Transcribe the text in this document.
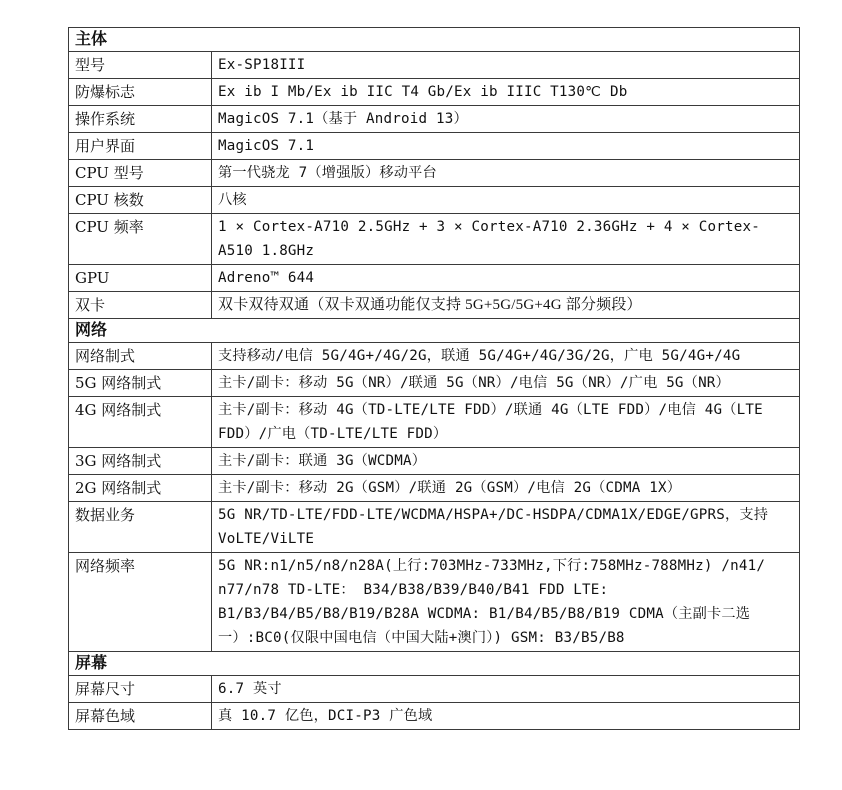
主体	
型号	Ex-SP18III
防爆标志	Ex ib I Mb/Ex ib IIC T4 Gb/Ex ib IIIC T130℃ Db
操作系统	MagicOS 7.1（基于 Android 13）
用户界面	MagicOS 7.1
CPU 型号	第一代骁龙 7（增强版）移动平台
CPU 核数	八核
CPU 频率	1 × Cortex-A710 2.5GHz + 3 × Cortex-A710 2.36GHz + 4 × Cortex-A510 1.8GHz
GPU	Adreno™ 644
双卡	双卡双待双通（双卡双通功能仅支持 5G+5G/5G+4G 部分频段）
网络	
网络制式	支持移动/电信 5G/4G+/4G/2G，联通 5G/4G+/4G/3G/2G，广电 5G/4G+/4G
5G 网络制式	主卡/副卡：移动 5G（NR）/联通 5G（NR）/电信 5G（NR）/广电 5G（NR）
4G 网络制式	主卡/副卡：移动 4G（TD-LTE/LTE FDD）/联通 4G（LTE FDD）/电信 4G（LTE FDD）/广电（TD-LTE/LTE FDD）
3G 网络制式	主卡/副卡：联通 3G（WCDMA）
2G 网络制式	主卡/副卡：移动 2G（GSM）/联通 2G（GSM）/电信 2G（CDMA 1X）
数据业务	5G NR/TD-LTE/FDD-LTE/WCDMA/HSPA+/DC-HSDPA/CDMA1X/EDGE/GPRS，支持 VoLTE/ViLTE
网络频率	5G NR:n1/n5/n8/n28A(上行:703MHz-733MHz,下行:758MHz-788MHz) /n41/ n77/n78 TD-LTE： B34/B38/B39/B40/B41 FDD LTE: B1/B3/B4/B5/B8/B19/B28A WCDMA: B1/B4/B5/B8/B19 CDMA（主副卡二选一）:BC0(仅限中国电信（中国大陆+澳门）) GSM: B3/B5/B8
屏幕	
屏幕尺寸	6.7 英寸
屏幕色域	真 10.7 亿色，DCI-P3 广色域
